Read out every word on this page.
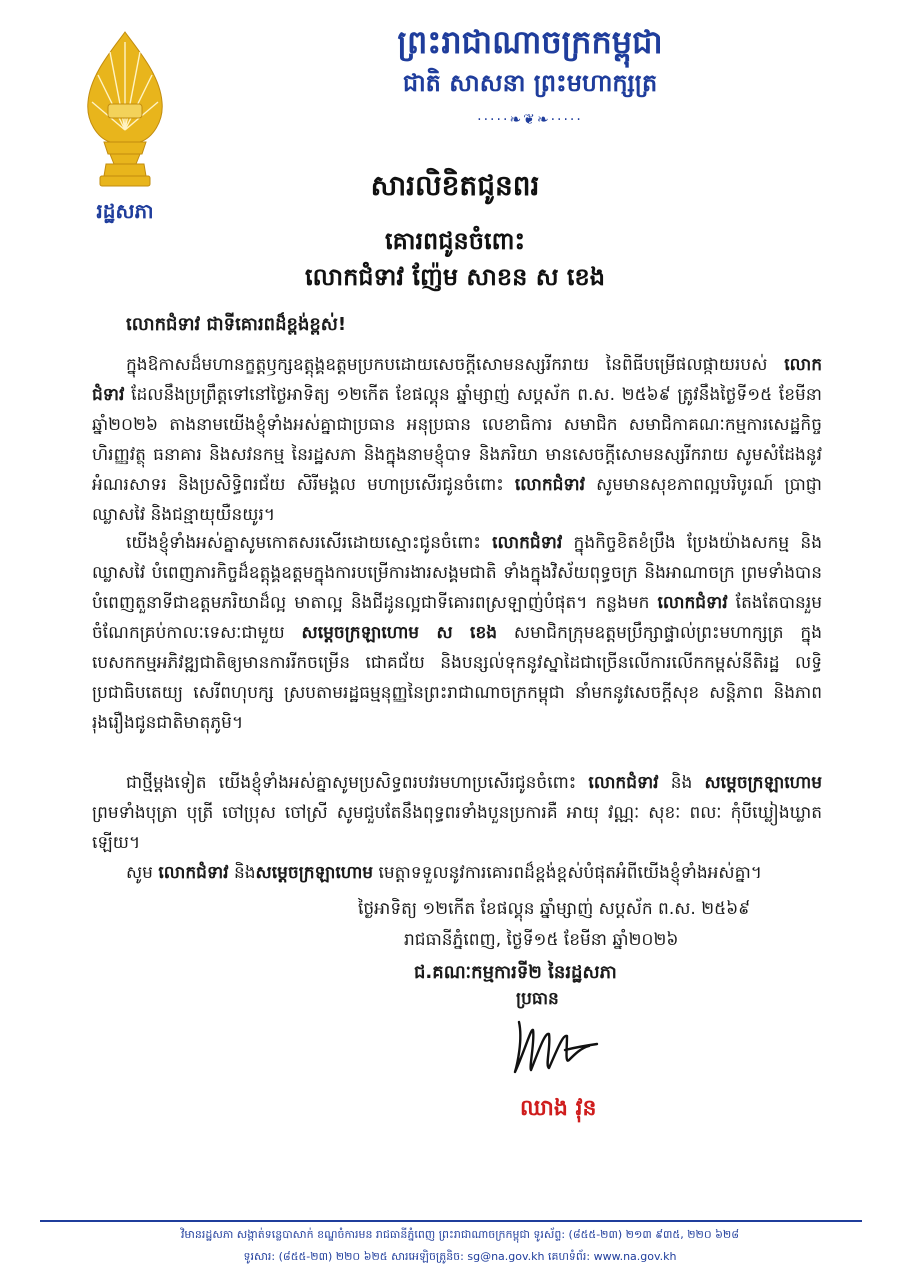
រដ្ឋសភា
ព្រះរាជាណាចក្រកម្ពុជា
ជាតិ សាសនា ព្រះមហាក្សត្រ
·····❧❦❧·····
សារលិខិតជូនពរ
គោរពជូនចំពោះ
លោកជំទាវ ញ៉ែម សាខន ស ខេង
លោកជំទាវ ជាទីគោរពដ៏ខ្ពង់ខ្ពស់!

ក្នុងឱកាសដ៏មហានក្ខត្តឫក្សឧត្តុង្គឧត្តមប្រកបដោយសេចក្តីសោមនស្សរីករាយ នៃពិធីបម្រើផលផ្កាយរបស់ លោកជំទាវ ដែលនឹងប្រព្រឹត្តទៅនៅថ្ងៃអាទិត្យ ១២កើត ខែផល្គុន ឆ្នាំម្សាញ់ សប្តស័ក ព.ស. ២៥៦៩ ត្រូវនឹងថ្ងៃទី១៥ ខែមីនា ឆ្នាំ២០២៦ តាងនាមយើងខ្ញុំទាំងអស់គ្នាជាប្រធាន អនុប្រធាន លេខាធិការ សមាជិក សមាជិកាគណៈកម្មការសេដ្ឋកិច្ច ហិរញ្ញវត្ថុ ធនាគារ និងសវនកម្ម នៃរដ្ឋសភា និងក្នុងនាមខ្ញុំបាទ និងភរិយា មានសេចក្តីសោមនស្សរីករាយ សូមសំដែងនូវអំណរសាទរ និងប្រសិទ្ធិពរជ័យ សិរីមង្គល មហាប្រសើរជូនចំពោះ លោកជំទាវ សូមមានសុខភាពល្អបរិបូរណ៍ ប្រាជ្ញាឈ្លាសវៃ និងជន្មាយុយឺនយូរ។

យើងខ្ញុំទាំងអស់គ្នាសូមកោតសរសើរដោយស្មោះជូនចំពោះ លោកជំទាវ ក្នុងកិច្ចខិតខំប្រឹង ប្រែងយ៉ាងសកម្ម និងឈ្លាសវៃ បំពេញភារកិច្ចដ៏ឧត្តុង្គឧត្តមក្នុងការបម្រើការងារសង្គមជាតិ ទាំងក្នុងវិស័យពុទ្ធចក្រ និងអាណាចក្រ ព្រមទាំងបានបំពេញតួនាទីជាឧត្តមភរិយាដ៏ល្អ មាតាល្អ និងជីដូនល្អជាទីគោរពស្រឡាញ់បំផុត។ កន្លងមក លោកជំទាវ តែងតែបានរួមចំណែកគ្រប់កាលៈទេសៈជាមួយ សម្តេចក្រឡាហោម ស ខេង សមាជិកក្រុមឧត្តមប្រឹក្សាផ្ទាល់ព្រះមហាក្សត្រ ក្នុងបេសកកម្មអភិវឌ្ឍជាតិឲ្យមានការរីកចម្រើន ជោគជ័យ និងបន្សល់ទុកនូវស្នាដៃជាច្រើនលើការលើកកម្ពស់នីតិរដ្ឋ លទ្ធិប្រជាធិបតេយ្យ សេរីពហុបក្ស ស្របតាមរដ្ឋធម្មនុញ្ញនៃព្រះរាជាណាចក្រកម្ពុជា នាំមកនូវសេចក្តីសុខ សន្តិភាព និងភាពរុងរឿងជូនជាតិមាតុភូមិ។

ជាថ្មីម្តងទៀត យើងខ្ញុំទាំងអស់គ្នាសូមប្រសិទ្ធពរបវរមហាប្រសើរជូនចំពោះ លោកជំទាវ និង សម្តេចក្រឡាហោម ព្រមទាំងបុត្រា បុត្រី ចៅប្រុស ចៅស្រី សូមជួបតែនឹងពុទ្ធពរទាំងបួនប្រការគឺ អាយុ វណ្ណៈ សុខៈ ពលៈ កុំបីឃ្លៀងឃ្លាតឡើយ។

សូម លោកជំទាវ និងសម្តេចក្រឡាហោម មេត្តាទទួលនូវការគោរពដ៏ខ្ពង់ខ្ពស់បំផុតអំពីយើងខ្ញុំទាំងអស់គ្នា។

ថ្ងៃអាទិត្យ ១២កើត ខែផល្គុន ឆ្នាំម្សាញ់ សប្តស័ក ព.ស. ២៥៦៩
រាជធានីភ្នំពេញ, ថ្ងៃទី១៥ ខែមីនា ឆ្នាំ២០២៦
ជ.គណៈកម្មការទី២ នៃរដ្ឋសភា
ប្រធាន
ឈាង វុន
វិមានរដ្ឋសភា សង្កាត់ទន្លេបាសាក់ ខណ្ឌចំការមន រាជធានីភ្នំពេញ ព្រះរាជាណាចក្រកម្ពុជា ទូរស័ព្ទ: (៨៥៥-២៣) ២១៣ ៩៣៥, ២២០ ៦២៨
ទូរសារ: (៨៥៥-២៣) ២២០ ៦២៥ សារអេឡិចត្រូនិច: sg@na.gov.kh គេហទំព័រ: www.na.gov.kh
